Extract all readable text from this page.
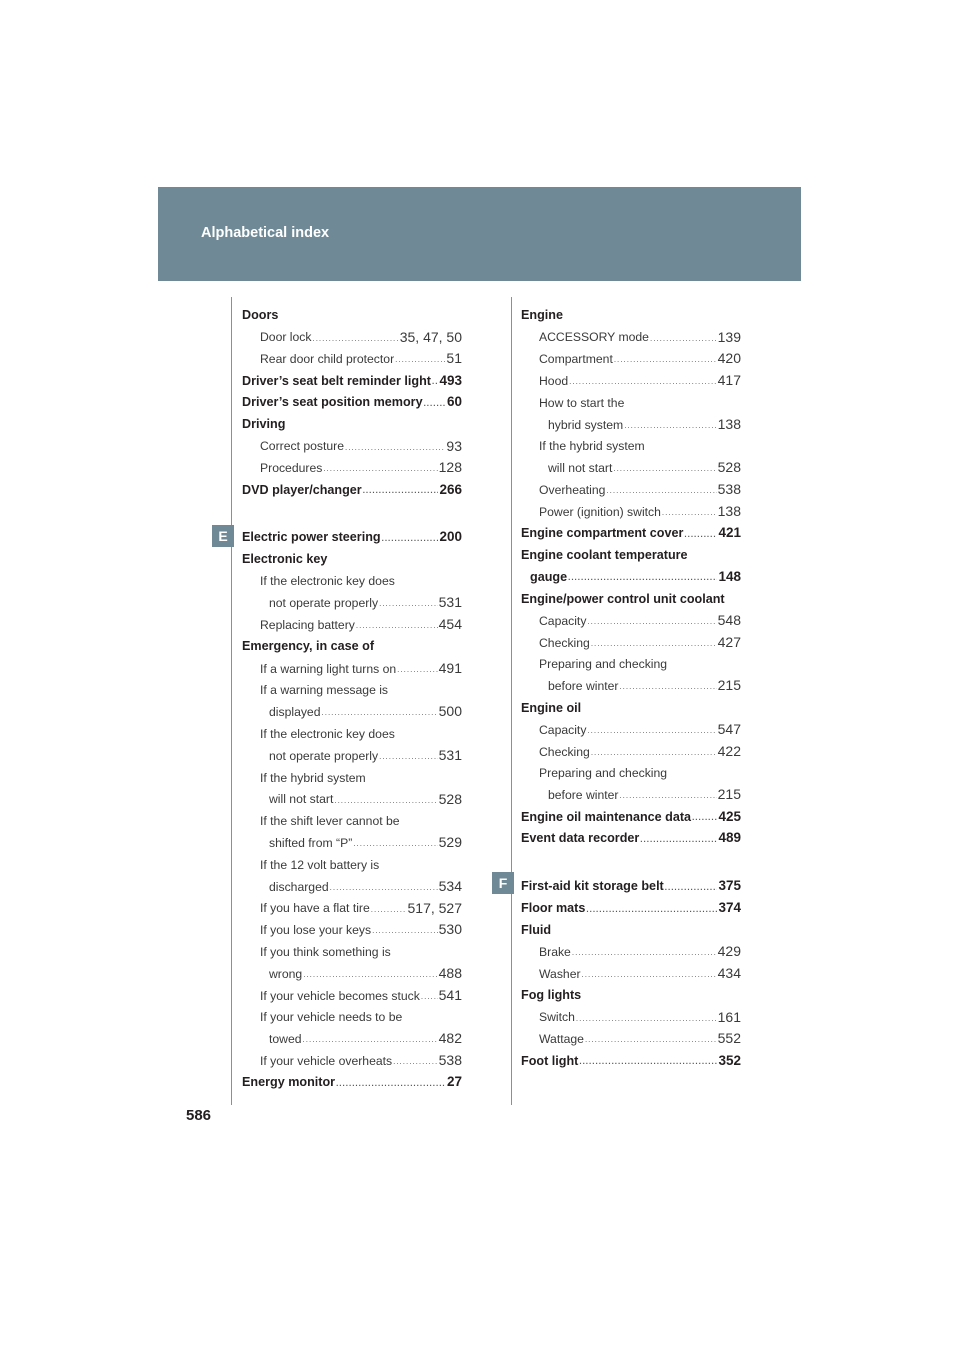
Alphabetical index
E
F
Doors
Door lock .....	35, 47, 50
Rear door child protector .....	51
Driver’s seat belt reminder light ..... 493
Driver’s seat position memory ..... 60
Driving
Correct posture .....	93
Procedures .....	128
DVD player/changer .....	266
Electric power steering .....	200
Electronic key
If the electronic key does
not operate properly .....	531
Replacing battery .....	454
Emergency, in case of
If a warning light turns on .....	491
If a warning message is
displayed .....	500
If the electronic key does
not operate properly .....	531
If the hybrid system
will not start .....	528
If the shift lever cannot be
shifted from “P” .....	529
If the 12 volt battery is
discharged .....	534
If you have a flat tire .....	517, 527
If you lose your keys .....	530
If you think something is
wrong .....	488
If your vehicle becomes stuck ..... 541
If your vehicle needs to be
towed .....	482
If your vehicle overheats .....	538
Energy monitor .....	27
Engine
ACCESSORY mode .....	139
Compartment .....	420
Hood .....	417
How to start the
hybrid system .....	138
If the hybrid system
will not start .....	528
Overheating .....	538
Power (ignition) switch .....	138
Engine compartment cover .....	421
Engine coolant temperature
gauge .....	148
Engine/power control unit coolant
Capacity .....	548
Checking .....	427
Preparing and checking
before winter .....	215
Engine oil
Capacity .....	547
Checking .....	422
Preparing and checking
before winter .....	215
Engine oil maintenance data ..... 425
Event data recorder .....	489
First-aid kit storage belt .....	375
Floor mats .....	374
Fluid
Brake .....	429
Washer .....	434
Fog lights
Switch .....	161
Wattage .....	552
Foot light .....	352
586
